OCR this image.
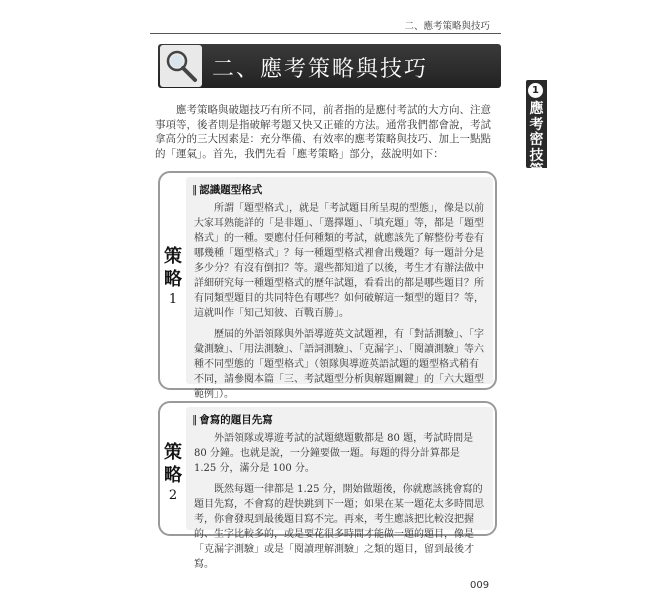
二、應考策略與技巧
二、應考策略與技巧
1
應考密技篇
應考策略與破題技巧有所不同，前者指的是應付考試的大方向、注意事項等，後者則是指破解考題又快又正確的方法。通常我們都會說，考試拿高分的三大因素是：充分準備、有效率的應考策略與技巧、加上一點點的「運氣」。首先，我們先看「應考策略」部分，茲說明如下：
策
略
1
∥ 認識題型格式

所謂「題型格式」，就是「考試題目所呈現的型態」，像是以前大家耳熟能詳的「是非題」、「選擇題」、「填充題」等，都是「題型格式」的一種。要應付任何種類的考試，就應該先了解整份考卷有哪幾種「題型格式」？每一種題型格式裡會出幾題？每一題計分是多少分？有沒有倒扣？等。還些都知道了以後，考生才有辦法做中詳細研究每一種題型格式的歷年試題，看看出的都是哪些題目？所有同類型題目的共同特色有哪些？如何破解這一類型的題目？等，這就叫作「知己知彼、百戰百勝」。

歷屆的外語領隊與外語導遊英文試題裡，有「對話測驗」、「字彙測驗」、「用法測驗」、「語詞測驗」、「克漏字」、「閱讀測驗」等六種不同型態的「題型格式」（領隊與導遊英語試題的題型格式稍有不同，請參閱本篇「三、考試題型分析與解題關鍵」的「六大題型範例」）。

策
略
2
∥ 會寫的題目先寫

外語領隊或導遊考試的試題總題數都是 80 題，考試時間是 80 分鐘。也就是說，一分鐘要做一題。每題的得分計算都是 1.25 分，滿分是 100 分。

既然每題一律都是 1.25 分，開始做題後，你就應該挑會寫的題目先寫，不會寫的趕快跳到下一題；如果在某一題花太多時間思考，你會發現到最後題目寫不完。再來，考生應該把比較沒把握的、生字比較多的，或是要花很多時間才能做一題的題目，像是「克漏字測驗」或是「閱讀理解測驗」之類的題目，留到最後才寫。

009
